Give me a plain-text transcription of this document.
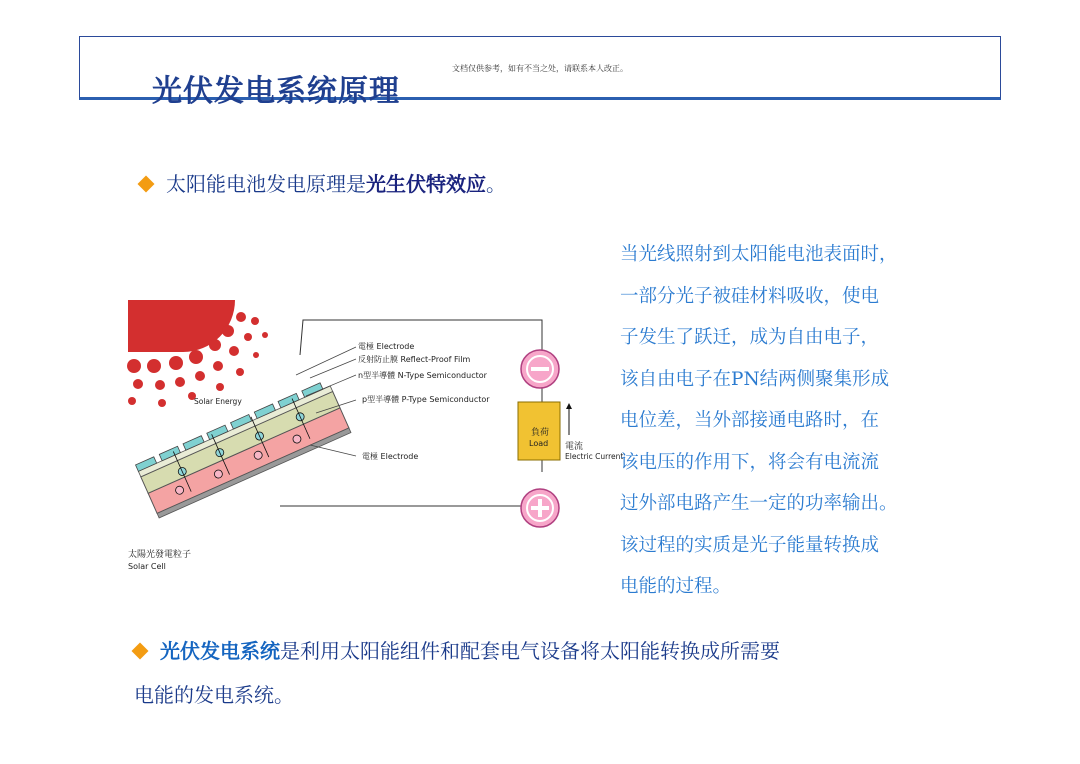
文档仅供参考，如有不当之处，请联系本人改正。
光伏发电系统原理
太阳能电池发电原理是光生伏特效应。
Solar Energy
負荷
Load 電流
Electric Current
電極 Electrode
反射防止膜 Reflect-Proof Film
n型半導體 N-Type Semiconductor
p型半導體 P-Type Semiconductor
電極 Electrode
太陽光發電粒子
Solar Cell

当光线照射到太阳能电池表面时，

一部分光子被硅材料吸收，使电

子发生了跃迁，成为自由电子，

该自由电子在PN结两侧聚集形成

电位差，当外部接通电路时，在

该电压的作用下，将会有电流流

过外部电路产生一定的功率输出。

该过程的实质是光子能量转换成

电能的过程。

光伏发电系统是利用太阳能组件和配套电气设备将太阳能转换成所需要
电能的发电系统。
